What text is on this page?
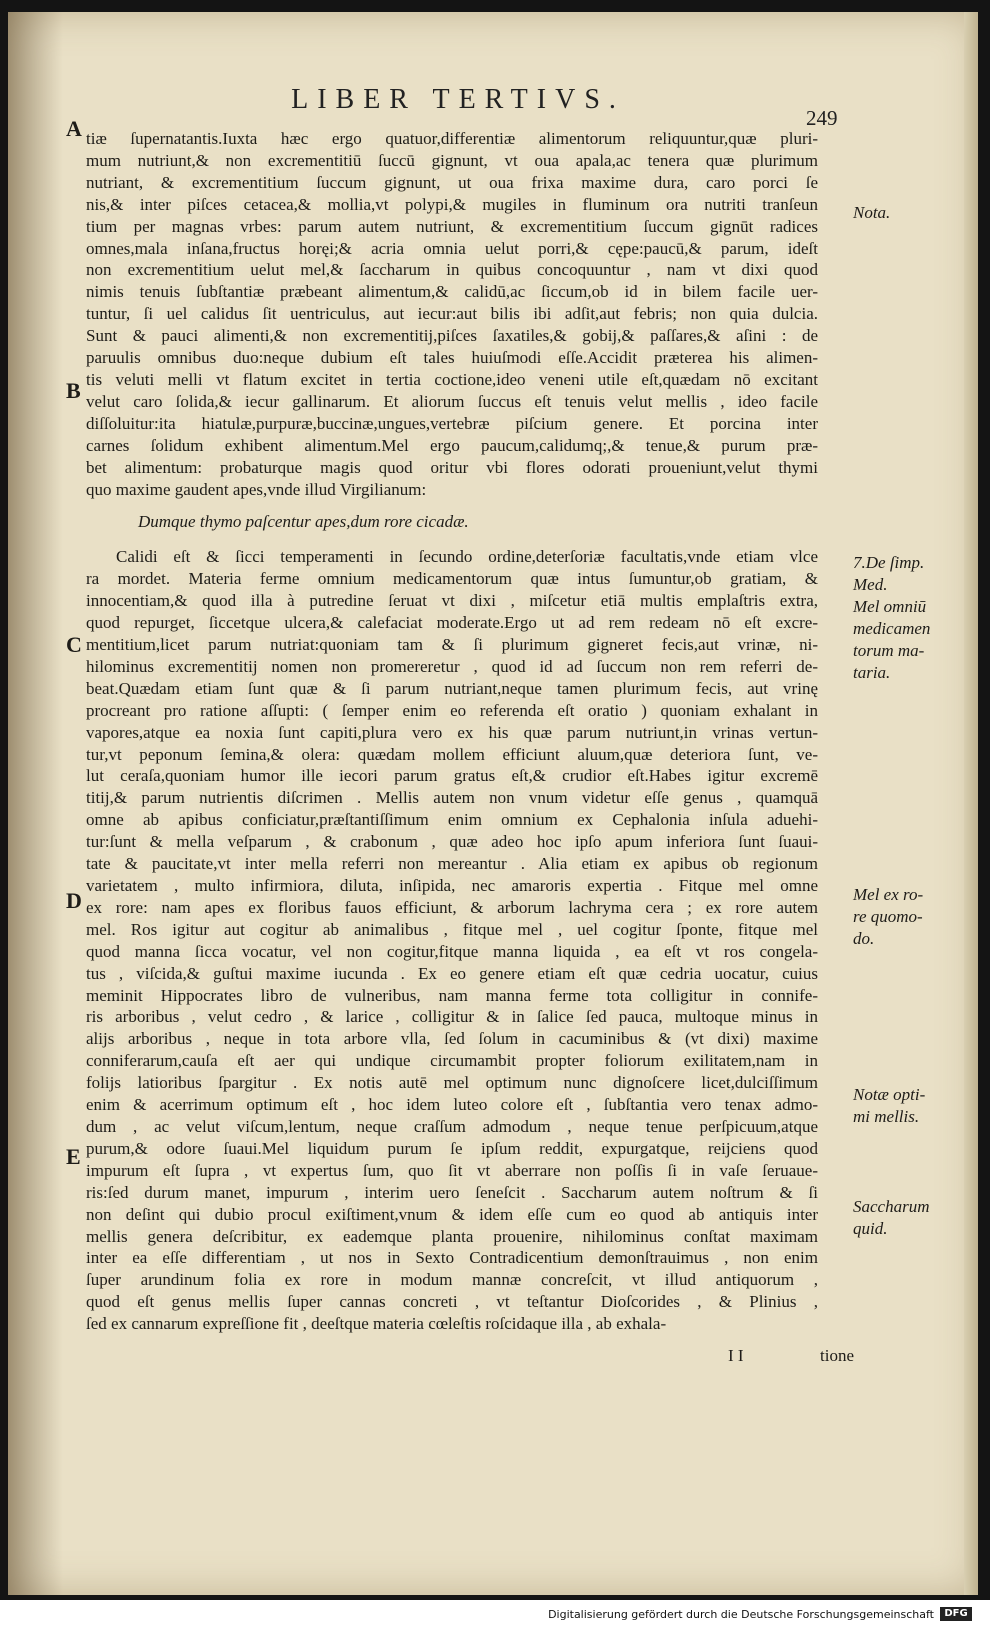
LIBER TERTIVS.
249
A
B
C
D
E
tiæ ſupernatantis.Iuxta hæc ergo quatuor,differentiæ alimentorum reliquuntur,quæ pluri-
mum nutriunt,& non excrementitiū ſuccū gignunt, vt oua apala,ac tenera quæ plurimum
nutriant, & excrementitium ſuccum gignunt, ut oua frixa maxime dura, caro porci ſe
nis,& inter piſces cetacea,& mollia,vt polypi,& mugiles in fluminum ora nutriti tranſeun
tium per magnas vrbes: parum autem nutriunt, & excrementitium ſuccum gignūt radices
omnes,mala inſana,fructus horęi;& acria omnia uelut porri,& cępe:paucū,& parum, ideſt
non excrementitium uelut mel,& ſaccharum in quibus concoquuntur , nam vt dixi quod
nimis tenuis ſubſtantiæ præbeant alimentum,& calidū,ac ſiccum,ob id in bilem facile uer-
tuntur, ſi uel calidus ſit uentriculus, aut iecur:aut bilis ibi adſit,aut febris; non quia dulcia.
Sunt & pauci alimenti,& non excrementitij,piſces ſaxatiles,& gobij,& paſſares,& aſini : de
paruulis omnibus duo:neque dubium eſt tales huiuſmodi eſſe.Accidit præterea his alimen-
tis veluti melli vt flatum excitet in tertia coctione,ideo veneni utile eſt,quædam nō excitant
velut caro ſolida,& iecur gallinarum. Et aliorum ſuccus eſt tenuis velut mellis , ideo facile
diſſoluitur:ita hiatulæ,purpuræ,buccinæ,ungues,vertebræ piſcium genere. Et porcina inter
carnes ſolidum exhibent alimentum.Mel ergo paucum,calidumq;,& tenue,& purum præ-
bet alimentum: probaturque magis quod oritur vbi flores odorati proueniunt,velut thymi
quo maxime gaudent apes,vnde illud Virgilianum:
Dumque thymo paſcentur apes,dum rore cicadæ.
Calidi eſt & ſicci temperamenti in ſecundo ordine,deterſoriæ facultatis,vnde etiam vlce
ra mordet. Materia ferme omnium medicamentorum quæ intus ſumuntur,ob gratiam, &
innocentiam,& quod illa à putredine ſeruat vt dixi , miſcetur etiā multis emplaſtris extra,
quod repurget, ſiccetque ulcera,& calefaciat moderate.Ergo ut ad rem redeam nō eſt excre-
mentitium,licet parum nutriat:quoniam tam & ſi plurimum gigneret fecis,aut vrinæ, ni-
hilominus excrementitij nomen non promereretur , quod id ad ſuccum non rem referri de-
beat.Quædam etiam ſunt quæ & ſi parum nutriant,neque tamen plurimum fecis, aut vrinę
procreant pro ratione aſſupti: ( ſemper enim eo referenda eſt oratio ) quoniam exhalant in
vapores,atque ea noxia ſunt capiti,plura vero ex his quæ parum nutriunt,in vrinas vertun-
tur,vt peponum ſemina,& olera: quædam mollem efficiunt aluum,quæ deteriora ſunt, ve-
lut ceraſa,quoniam humor ille iecori parum gratus eſt,& crudior eſt.Habes igitur excremē
titij,& parum nutrientis diſcrimen . Mellis autem non vnum videtur eſſe genus , quamquā
omne ab apibus conficiatur,præſtantiſſimum enim omnium ex Cephalonia inſula aduehi-
tur:ſunt & mella veſparum , & crabonum , quæ adeo hoc ipſo apum inferiora ſunt ſuaui-
tate & paucitate,vt inter mella referri non mereantur . Alia etiam ex apibus ob regionum
varietatem , multo infirmiora, diluta, inſipida, nec amaroris expertia . Fitque mel omne
ex rore: nam apes ex floribus fauos efficiunt, & arborum lachryma cera ; ex rore autem
mel. Ros igitur aut cogitur ab animalibus , fitque mel , uel cogitur ſponte, fitque mel
quod manna ſicca vocatur, vel non cogitur,fitque manna liquida , ea eſt vt ros congela-
tus , viſcida,& guſtui maxime iucunda . Ex eo genere etiam eſt quæ cedria uocatur, cuius
meminit Hippocrates libro de vulneribus, nam manna ferme tota colligitur in connife-
ris arboribus , velut cedro , & larice , colligitur & in ſalice ſed pauca, multoque minus in
alijs arboribus , neque in tota arbore vlla, ſed ſolum in cacuminibus & (vt dixi) maxime
conniferarum,cauſa eſt aer qui undique circumambit propter foliorum exilitatem,nam in
folijs latioribus ſpargitur . Ex notis autē mel optimum nunc dignoſcere licet,dulciſſimum
enim & acerrimum optimum eſt , hoc idem luteo colore eſt , ſubſtantia vero tenax admo-
dum , ac velut viſcum,lentum, neque craſſum admodum , neque tenue perſpicuum,atque
purum,& odore ſuaui.Mel liquidum purum ſe ipſum reddit, expurgatque, reijciens quod
impurum eſt ſupra , vt expertus ſum, quo ſit vt aberrare non poſſis ſi in vaſe ſeruaue-
ris:ſed durum manet, impurum , interim uero ſeneſcit . Saccharum autem noſtrum & ſi
non deſint qui dubio procul exiſtiment,vnum & idem eſſe cum eo quod ab antiquis inter
mellis genera deſcribitur, ex eademque planta prouenire, nihilominus conſtat maximam
inter ea eſſe differentiam , ut nos in Sexto Contradicentium demonſtrauimus , non enim
ſuper arundinum folia ex rore in modum mannæ concreſcit, vt illud antiquorum ,
quod eſt genus mellis ſuper cannas concreti , vt teſtantur Dioſcorides , & Plinius ,
ſed ex cannarum expreſſione fit , deeſtque materia cœleſtis roſcidaque illa , ab exhala-
Nota.
7.De ſimp.
Med.
Mel omniū
medicamen
torum ma-
taria.
Mel ex ro-
re quomo-
do.
Notæ opti-
mi mellis.
Saccharum
quid.
I I	tione
Digitalisierung gefördert durch die Deutsche Forschungsgemeinschaft	DFG
